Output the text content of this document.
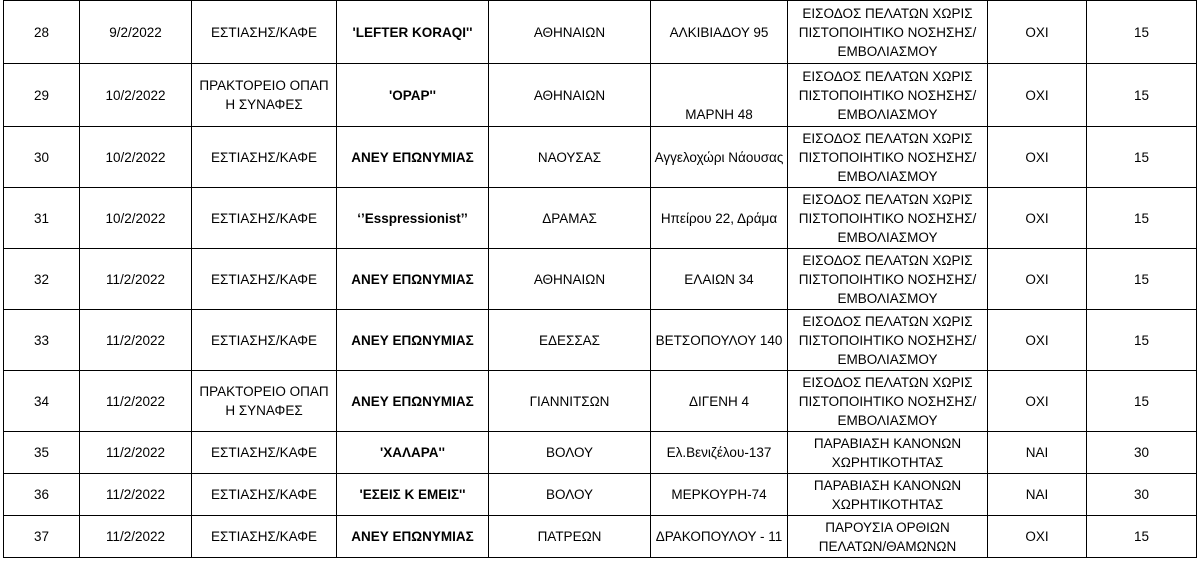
28	9/2/2022	ΕΣΤΙΑΣΗΣ/ΚΑΦΕ	'LEFTER KORAQI''	ΑΘΗΝΑΙΩΝ	ΑΛΚΙΒΙΑΔΟΥ 95	ΕΙΣΟΔΟΣ ΠΕΛΑΤΩΝ ΧΩΡΙΣ ΠΙΣΤΟΠΟΙΗΤΙΚΟ ΝΟΣΗΣΗΣ/ΕΜΒΟΛΙΑΣΜΟΥ	ΟΧΙ	15
29	10/2/2022	ΠΡΑΚΤΟΡΕΙΟ ΟΠΑΠ Η ΣΥΝΑΦΕΣ	'ΟΡΑΡ''	ΑΘΗΝΑΙΩΝ	ΜΑΡΝΗ 48	ΕΙΣΟΔΟΣ ΠΕΛΑΤΩΝ ΧΩΡΙΣ ΠΙΣΤΟΠΟΙΗΤΙΚΟ ΝΟΣΗΣΗΣ/ΕΜΒΟΛΙΑΣΜΟΥ	ΟΧΙ	15
30	10/2/2022	ΕΣΤΙΑΣΗΣ/ΚΑΦΕ	ΑΝΕΥ ΕΠΩΝΥΜΙΑΣ	ΝΑΟΥΣΑΣ	Αγγελοχώρι Νάουσας	ΕΙΣΟΔΟΣ ΠΕΛΑΤΩΝ ΧΩΡΙΣ ΠΙΣΤΟΠΟΙΗΤΙΚΟ ΝΟΣΗΣΗΣ/ΕΜΒΟΛΙΑΣΜΟΥ	ΟΧΙ	15
31	10/2/2022	ΕΣΤΙΑΣΗΣ/ΚΑΦΕ	‘’Esspressionist’’	ΔΡΑΜΑΣ	Ηπείρου 22, Δράμα	ΕΙΣΟΔΟΣ ΠΕΛΑΤΩΝ ΧΩΡΙΣ ΠΙΣΤΟΠΟΙΗΤΙΚΟ ΝΟΣΗΣΗΣ/ΕΜΒΟΛΙΑΣΜΟΥ	ΟΧΙ	15
32	11/2/2022	ΕΣΤΙΑΣΗΣ/ΚΑΦΕ	ΑΝΕΥ ΕΠΩΝΥΜΙΑΣ	ΑΘΗΝΑΙΩΝ	ΕΛΑΙΩΝ 34	ΕΙΣΟΔΟΣ ΠΕΛΑΤΩΝ ΧΩΡΙΣ ΠΙΣΤΟΠΟΙΗΤΙΚΟ ΝΟΣΗΣΗΣ/ΕΜΒΟΛΙΑΣΜΟΥ	ΟΧΙ	15
33	11/2/2022	ΕΣΤΙΑΣΗΣ/ΚΑΦΕ	ΑΝΕΥ ΕΠΩΝΥΜΙΑΣ	ΕΔΕΣΣΑΣ	ΒΕΤΣΟΠΟΥΛΟΥ 140	ΕΙΣΟΔΟΣ ΠΕΛΑΤΩΝ ΧΩΡΙΣ ΠΙΣΤΟΠΟΙΗΤΙΚΟ ΝΟΣΗΣΗΣ/ΕΜΒΟΛΙΑΣΜΟΥ	ΟΧΙ	15
34	11/2/2022	ΠΡΑΚΤΟΡΕΙΟ ΟΠΑΠ Η ΣΥΝΑΦΕΣ	ΑΝΕΥ ΕΠΩΝΥΜΙΑΣ	ΓΙΑΝΝΙΤΣΩΝ	ΔΙΓΕΝΗ 4	ΕΙΣΟΔΟΣ ΠΕΛΑΤΩΝ ΧΩΡΙΣ ΠΙΣΤΟΠΟΙΗΤΙΚΟ ΝΟΣΗΣΗΣ/ΕΜΒΟΛΙΑΣΜΟΥ	ΟΧΙ	15
35	11/2/2022	ΕΣΤΙΑΣΗΣ/ΚΑΦΕ	'ΧΑΛΑΡΑ''	ΒΟΛΟΥ	Ελ.Βενιζέλου-137	ΠΑΡΑΒΙΑΣΗ ΚΑΝΟΝΩΝ ΧΩΡΗΤΙΚΟΤΗΤΑΣ	ΝΑΙ	30
36	11/2/2022	ΕΣΤΙΑΣΗΣ/ΚΑΦΕ	'ΕΣΕΙΣ Κ ΕΜΕΙΣ''	ΒΟΛΟΥ	ΜΕΡΚΟΥΡΗ-74	ΠΑΡΑΒΙΑΣΗ ΚΑΝΟΝΩΝ ΧΩΡΗΤΙΚΟΤΗΤΑΣ	ΝΑΙ	30
37	11/2/2022	ΕΣΤΙΑΣΗΣ/ΚΑΦΕ	ΑΝΕΥ ΕΠΩΝΥΜΙΑΣ	ΠΑΤΡΕΩΝ	ΔΡΑΚΟΠΟΥΛΟΥ - 11	ΠΑΡΟΥΣΙΑ ΟΡΘΙΩΝ ΠΕΛΑΤΩΝ/ΘΑΜΩΝΩΝ	ΟΧΙ	15
